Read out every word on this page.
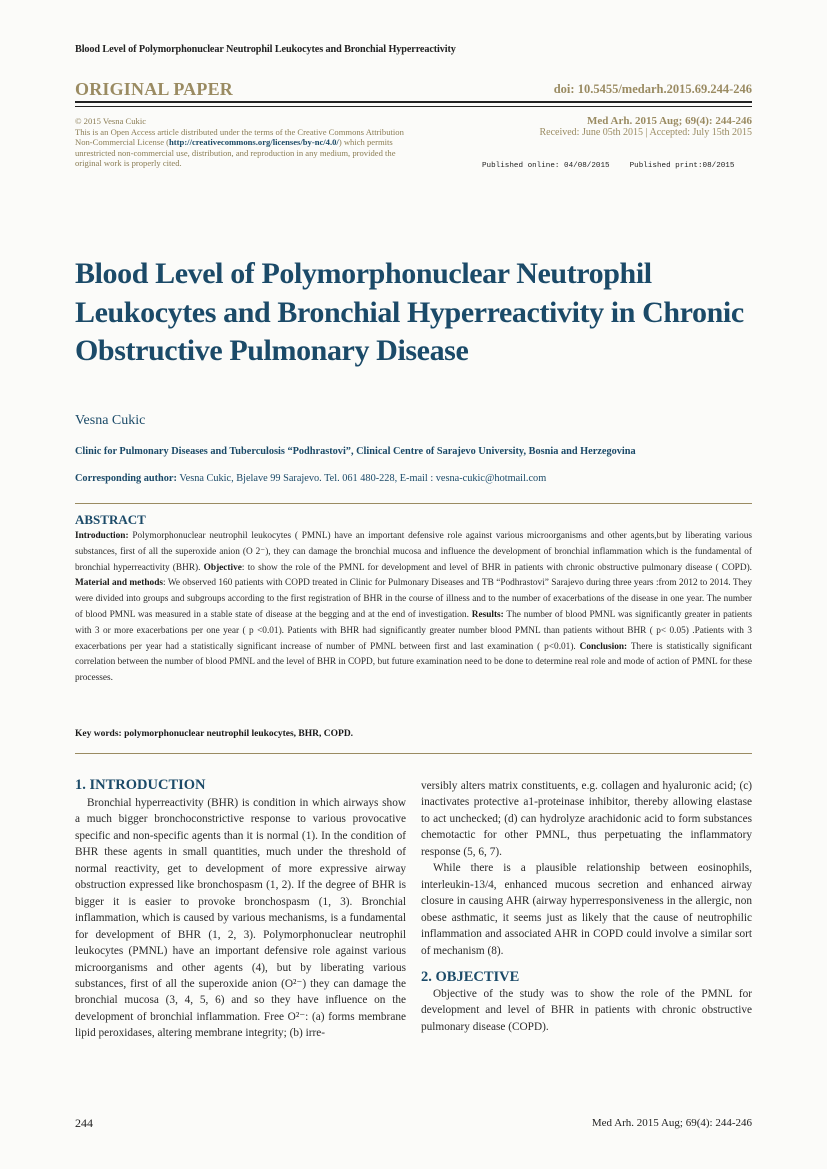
Blood Level of Polymorphonuclear Neutrophil Leukocytes and Bronchial Hyperreactivity
ORIGINAL PAPER	doi: 10.5455/medarh.2015.69.244-246
© 2015 Vesna Cukic
This is an Open Access article distributed under the terms of the Creative Commons Attribution Non-Commercial License (http://creativecommons.org/licenses/by-nc/4.0/) which permits unrestricted non-commercial use, distribution, and reproduction in any medium, provided the original work is properly cited.
Med Arh. 2015 Aug; 69(4): 244-246
Received: June 05th 2015 | Accepted: July 15th 2015
Published online: 04/08/2015	Published print:08/2015
Blood Level of Polymorphonuclear Neutrophil Leukocytes and Bronchial Hyperreactivity in Chronic Obstructive Pulmonary Disease
Vesna Cukic
Clinic for Pulmonary Diseases and Tuberculosis “Podhrastovi”, Clinical Centre of Sarajevo University, Bosnia and Herzegovina
Corresponding author: Vesna Cukic, Bjelave 99 Sarajevo. Tel. 061 480-228, E-mail : vesna-cukic@hotmail.com
ABSTRACT
Introduction: Polymorphonuclear neutrophil leukocytes ( PMNL) have an important defensive role against various microorganisms and other agents,but by liberating various substances, first of all the superoxide anion (O 2⁻), they can damage the bronchial mucosa and influence the development of bronchial inflammation which is the fundamental of bronchial hyperreactivity (BHR). Objective: to show the role of the PMNL for development and level of BHR in patients with chronic obstructive pulmonary disease ( COPD). Material and methods: We observed 160 patients with COPD treated in Clinic for Pulmonary Diseases and TB “Podhrastovi” Sarajevo during three years :from 2012 to 2014. They were divided into groups and subgroups according to the first registration of BHR in the course of illness and to the number of exacerbations of the disease in one year. The number of blood PMNL was measured in a stable state of disease at the begging and at the end of investigation. Results: The number of blood PMNL was significantly greater in patients with 3 or more exacerbations per one year ( p <0.01). Patients with BHR had significantly greater number blood PMNL than patients without BHR ( p< 0.05) .Patients with 3 exacerbations per year had a statistically significant increase of number of PMNL between first and last examination ( p<0.01). Conclusion: There is statistically significant correlation between the number of blood PMNL and the level of BHR in COPD, but future examination need to be done to determine real role and mode of action of PMNL for these processes.
Key words: polymorphonuclear neutrophil leukocytes, BHR, COPD.
1. INTRODUCTION

Bronchial hyperreactivity (BHR) is condition in which airways show a much bigger bronchoconstrictive response to various provocative specific and non-specific agents than it is normal (1). In the condition of BHR these agents in small quantities, much under the threshold of normal reactivity, get to development of more expressive airway obstruction expressed like bronchospasm (1, 2). If the degree of BHR is bigger it is easier to provoke bronchospasm (1, 3). Bronchial inflammation, which is caused by various mechanisms, is a fundamental for development of BHR (1, 2, 3). Polymorphonuclear neutrophil leukocytes (PMNL) have an important defensive role against various microorganisms and other agents (4), but by liberating various substances, first of all the superoxide anion (O²⁻) they can damage the bronchial mucosa (3, 4, 5, 6) and so they have influence on the development of bronchial inflammation. Free O²⁻: (a) forms membrane lipid peroxidases, altering membrane integrity; (b) irre-

versibly alters matrix constituents, e.g. collagen and hyaluronic acid; (c) inactivates protective a1-proteinase inhibitor, thereby allowing elastase to act unchecked; (d) can hydrolyze arachidonic acid to form substances chemotactic for other PMNL, thus perpetuating the inflammatory response (5, 6, 7).

While there is a plausible relationship between eosinophils, interleukin-13/4, enhanced mucous secretion and enhanced airway closure in causing AHR (airway hyperresponsiveness in the allergic, non obese asthmatic, it seems just as likely that the cause of neutrophilic inflammation and associated AHR in COPD could involve a similar sort of mechanism (8).

2. OBJECTIVE

Objective of the study was to show the role of the PMNL for development and level of BHR in patients with chronic obstructive pulmonary disease (COPD).

244	Med Arh. 2015 Aug; 69(4): 244-246
